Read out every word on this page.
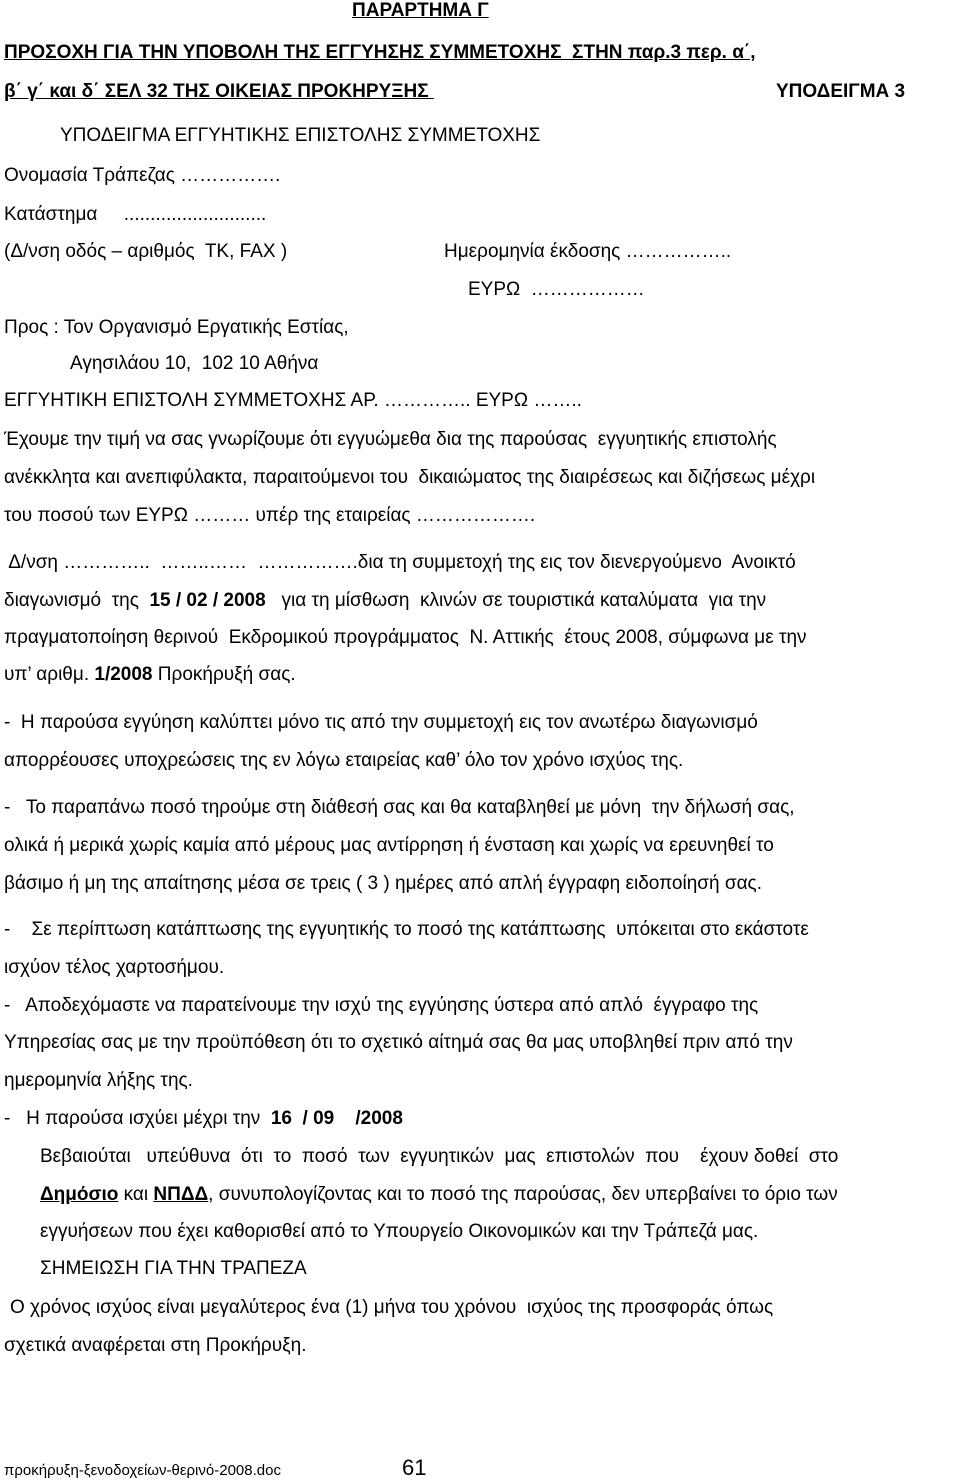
ΠΑΡΑΡΤΗΜΑ Γ

ΠΡΟΣΟΧΗ ΓΙΑ ΤΗΝ ΥΠΟΒΟΛΗ ΤΗΣ ΕΓΓΥΗΣΗΣ ΣΥΜΜΕΤΟΧΗΣ  ΣΤΗΝ παρ.3 περ. α΄,

β΄ γ΄ και δ΄ ΣΕΛ 32 ΤΗΣ ΟΙΚΕΙΑΣ ΠΡΟΚΗΡΥΞΗΣ	ΥΠΟΔΕΙΓΜΑ 3

ΥΠΟΔΕΙΓΜΑ ΕΓΓΥΗΤΙΚΗΣ ΕΠΙΣΤΟΛΗΣ ΣΥΜΜΕΤΟΧΗΣ

Ονομασία Τράπεζας …………….

Κατάστημα     ...........................

(Δ/νση οδός – αριθμός  ΤΚ, FAX )	Ημερομηνία έκδοσης ……………..

ΕΥΡΩ  ………………

Προς : Τον Οργανισμό Εργατικής Εστίας,

Αγησιλάου 10,  102 10 Αθήνα

ΕΓΓΥΗΤΙΚΗ ΕΠΙΣΤΟΛΗ ΣΥΜΜΕΤΟΧΗΣ ΑΡ. ………….. ΕΥΡΩ ……..

Έχουμε την τιμή να σας γνωρίζουμε ότι εγγυώμεθα δια της παρούσας  εγγυητικής επιστολής

ανέκκλητα και ανεπιφύλακτα, παραιτούμενοι του  δικαιώματος της διαιρέσεως και διζήσεως μέχρι

του ποσού των ΕΥΡΩ ……… υπέρ της εταιρείας ……………….

Δ/νση …………..  ……..……  …………….δια τη συμμετοχή της εις τον διενεργούμενο  Ανοικτό

διαγωνισμό  της  15 / 02 / 2008   για τη μίσθωση  κλινών σε τουριστικά καταλύματα  για την

πραγματοποίηση θερινού  Εκδρομικού προγράμματος  Ν. Αττικής  έτους 2008, σύμφωνα με την

υπ’ αριθμ. 1/2008 Προκήρυξή σας.

-  Η παρούσα εγγύηση καλύπτει μόνο τις από την συμμετοχή εις τον ανωτέρω διαγωνισμό

απορρέουσες υποχρεώσεις της εν λόγω εταιρείας καθ’ όλο τον χρόνο ισχύος της.

-   Το παραπάνω ποσό τηρούμε στη διάθεσή σας και θα καταβληθεί με μόνη  την δήλωσή σας,

ολικά ή μερικά χωρίς καμία από μέρους μας αντίρρηση ή ένσταση και χωρίς να ερευνηθεί το

βάσιμο ή μη της απαίτησης μέσα σε τρεις ( 3 ) ημέρες από απλή έγγραφη ειδοποίησή σας.

-    Σε περίπτωση κατάπτωσης της εγγυητικής το ποσό της κατάπτωσης  υπόκειται στο εκάστοτε

ισχύον τέλος χαρτοσήμου.

-   Αποδεχόμαστε να παρατείνουμε την ισχύ της εγγύησης ύστερα από απλό  έγγραφο της

Υπηρεσίας σας με την προϋπόθεση ότι το σχετικό αίτημά σας θα μας υποβληθεί πριν από την

ημερομηνία λήξης της.

-   Η παρούσα ισχύει μέχρι την  16  / 09    /2008

Βεβαιούται   υπεύθυνα  ότι  το  ποσό  των  εγγυητικών  μας  επιστολών  που    έχουν δοθεί  στο

Δημόσιο και ΝΠΔΔ, συνυπολογίζοντας και το ποσό της παρούσας, δεν υπερβαίνει το όριο των

εγγυήσεων που έχει καθορισθεί από το Υπουργείο Οικονομικών και την Τράπεζά μας.

ΣΗΜΕΙΩΣΗ ΓΙΑ ΤΗΝ ΤΡΑΠΕΖΑ

Ο χρόνος ισχύος είναι μεγαλύτερος ένα (1) μήνα του χρόνου  ισχύος της προσφοράς όπως

σχετικά αναφέρεται στη Προκήρυξη.

προκήρυξη-ξενοδοχείων-θερινό-2008.doc	61
